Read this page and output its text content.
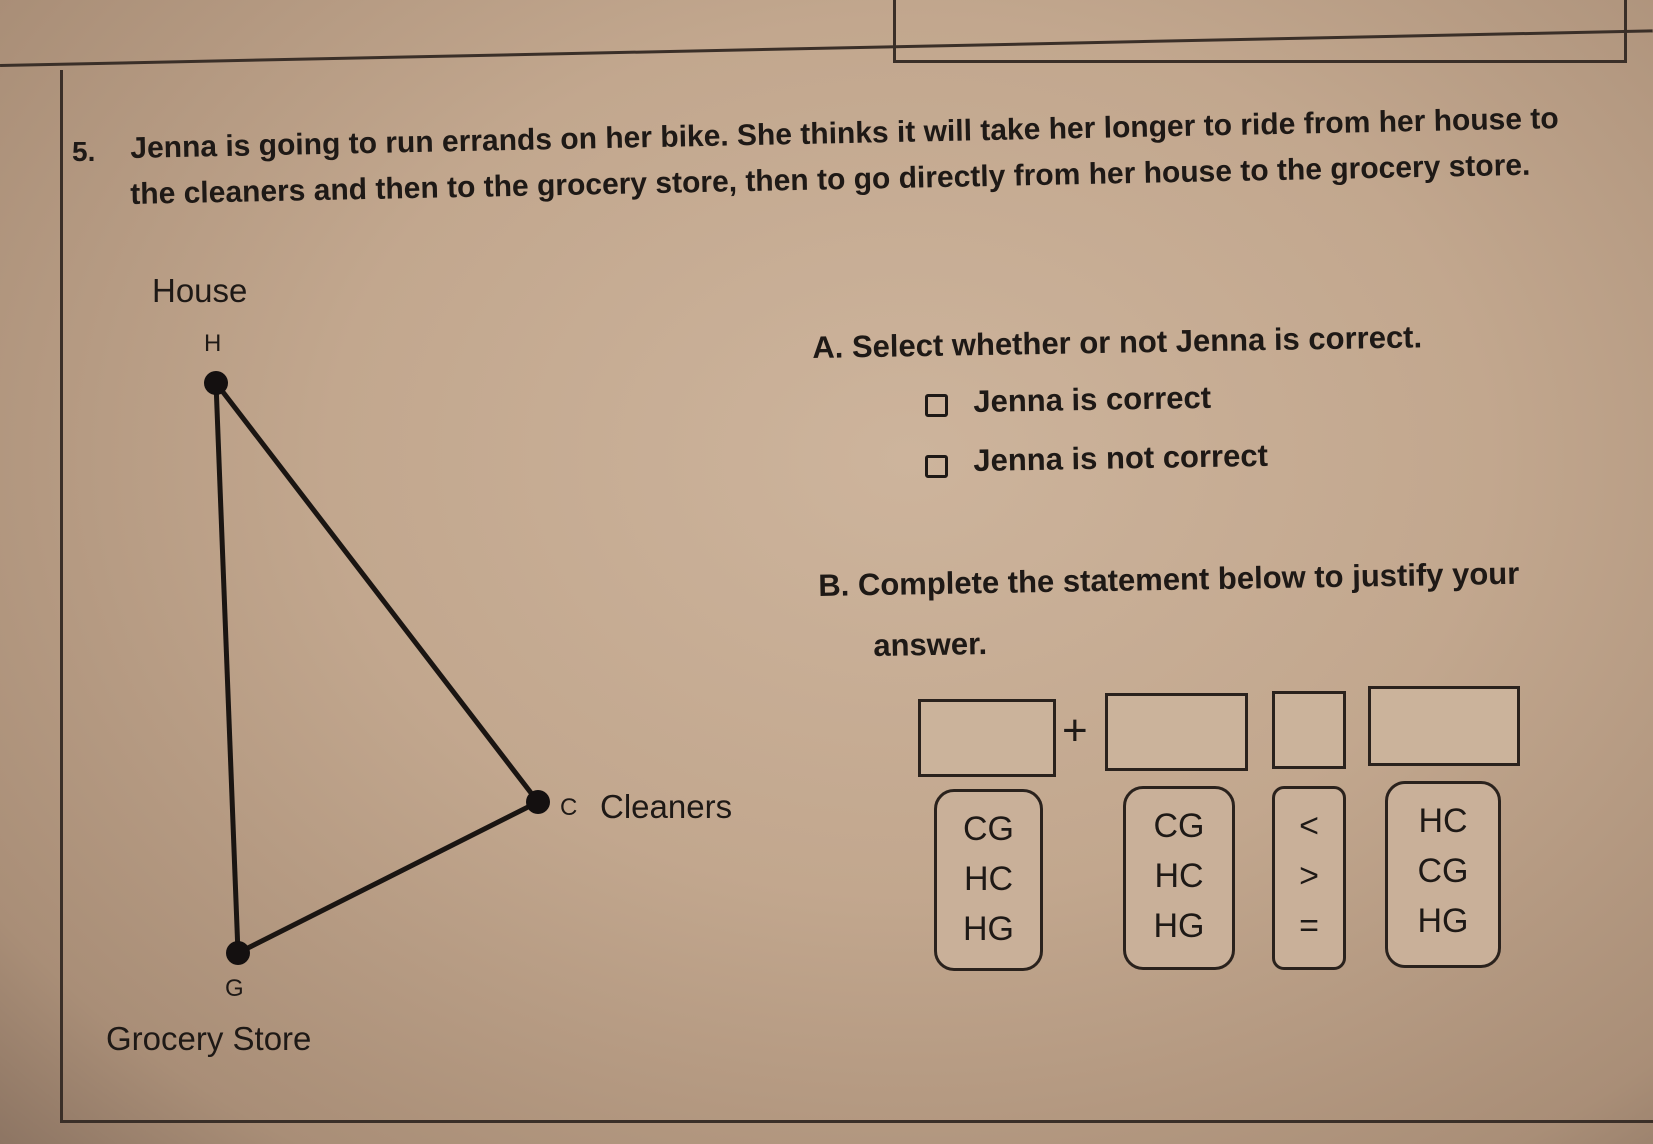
5. Jenna is going to run errands on her bike. She thinks it will take her longer to ride from her house to
the cleaners and then to the grocery store, then to go directly from her house to the grocery store.
House
H
C Cleaners
G
Grocery Store
A. Select whether or not Jenna is correct.
Jenna is correct
Jenna is not correct
B. Complete the statement below to justify your
answer.
+
CG
HC
HG
CG
HC
HG
<
>
=
HC
CG
HG
